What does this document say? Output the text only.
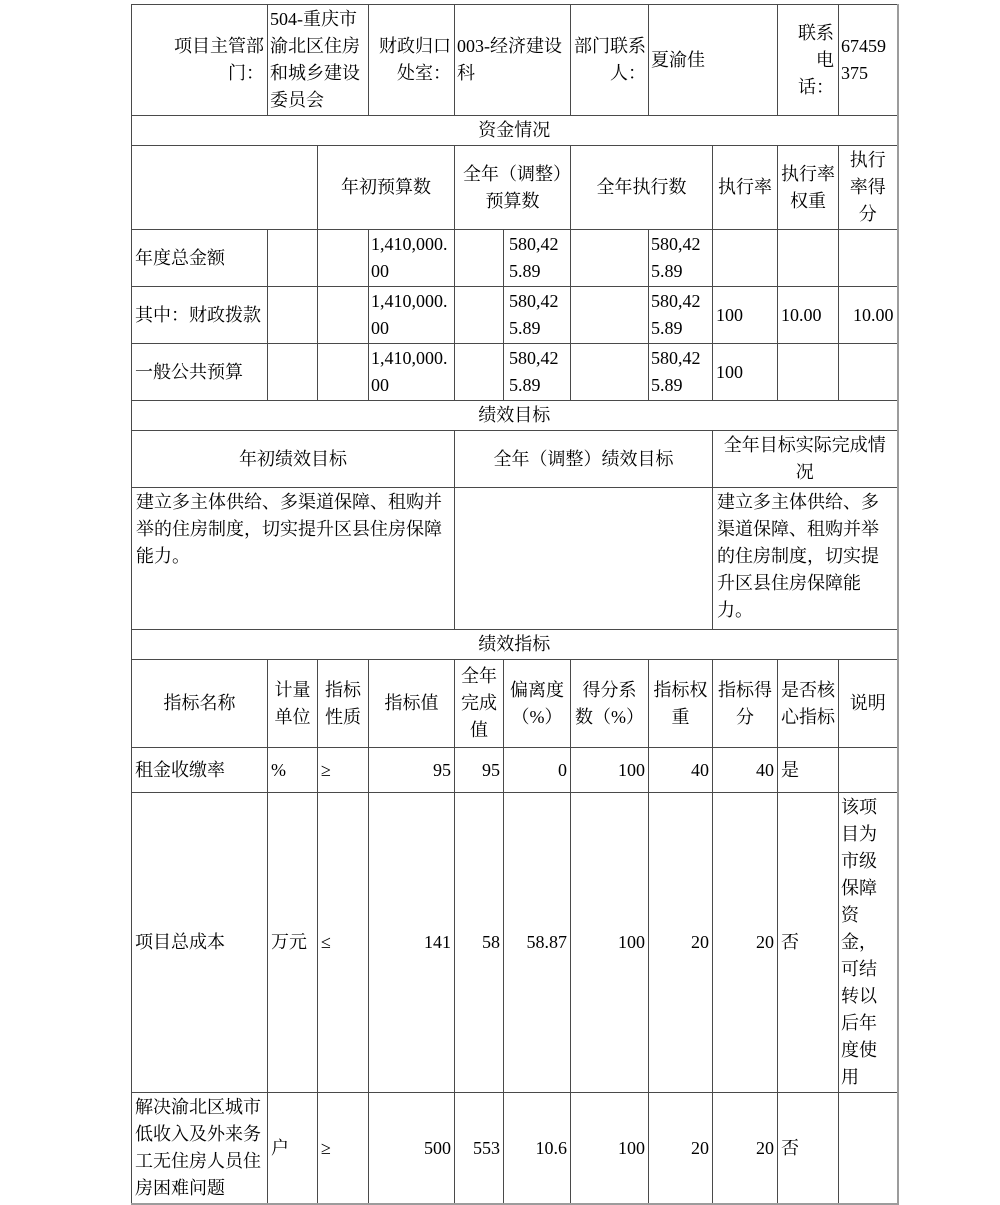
项目主管部门：	504-重庆市渝北区住房和城乡建设委员会		财政归口处室：	003-经济建设科		部门联系人：	夏渝佳		联系电话：	67459375
资金情况										
		年初预算数		全年（调整）预算数		全年执行数		执行率	执行率权重	执行率得分
年度总金额			1,410,000.00		580,425.89		580,425.89			
其中：财政拨款			1,410,000.00		580,425.89		580,425.89	100	10.00	10.00
一般公共预算			1,410,000.00		580,425.89		580,425.89	100		
绩效目标										
年初绩效目标				全年（调整）绩效目标				全年目标实际完成情况		
建立多主体供给、多渠道保障、租购并举的住房制度，切实提升区县住房保障能力。								建立多主体供给、多渠道保障、租购并举的住房制度，切实提升区县住房保障能力。		
绩效指标										
指标名称	计量单位	指标性质	指标值	全年完成值	偏离度（%）	得分系数（%）	指标权重	指标得分	是否核心指标	说明
租金收缴率	%	≥	95	95	0	100	40	40	是	
项目总成本	万元	≤	141	58	58.87	100	20	20	否	该项目为市级保障资金，可结转以后年度使用
解决渝北区城市低收入及外来务工无住房人员住房困难问题	户	≥	500	553	10.6	100	20	20	否	
